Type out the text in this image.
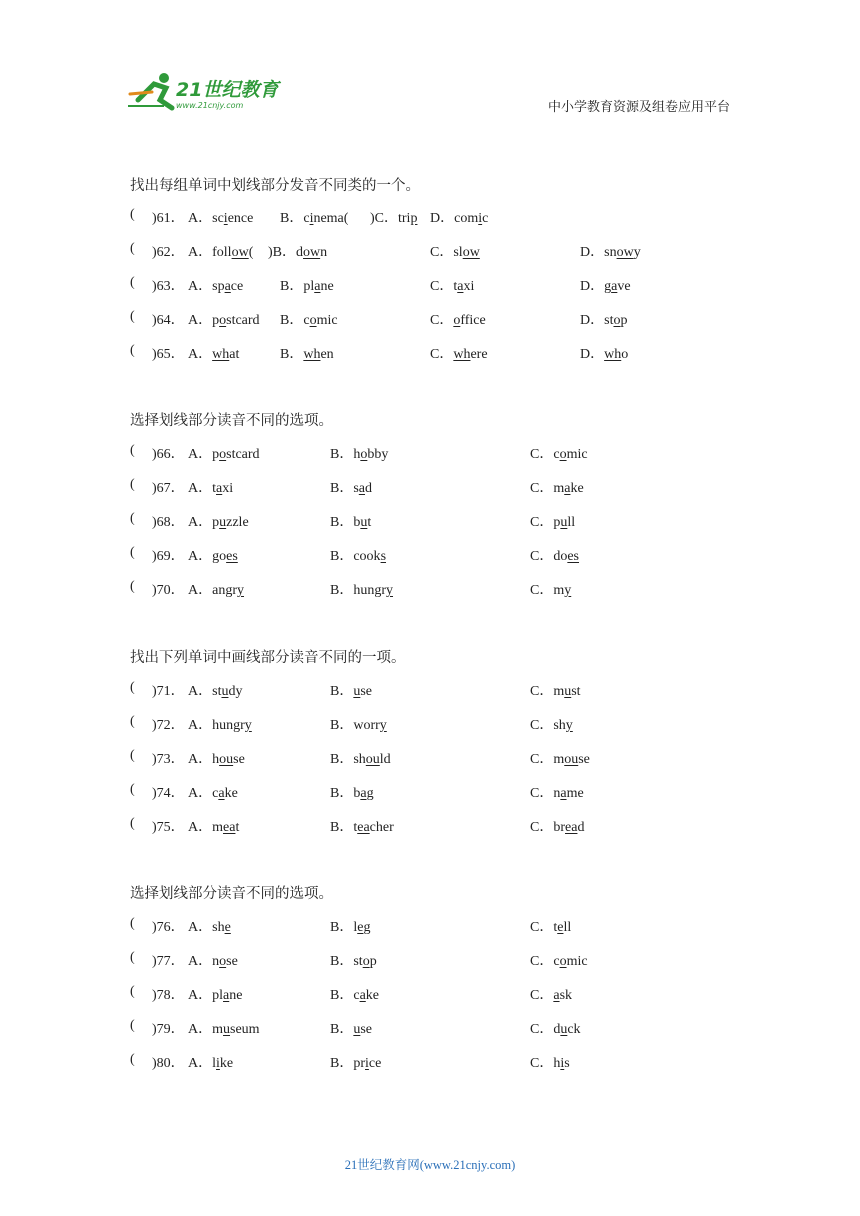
21世纪教育
www.21cnjy.com	中小学教育资源及组卷应用平台
找出每组单词中划线部分发音不同类的一个。
( )61． A．science B．cinema( )C．trip D．comic
( )62． A．follow( )B．down	C．slow	D．snowy
( )63． A．space	B．plane	C．taxi	D．gave
( )64． A．postcard B．comic	C．office	D．stop
( )65． A．what	B．when	C．where	D．who
选择划线部分读音不同的选项。
( )66． A．postcard	B．hobby	C．comic
( )67． A．taxi	B．sad	C．make
( )68． A．puzzle	B．but	C．pull
( )69． A．goes	B．cooks	C．does
( )70． A．angry	B．hungry	C．my
找出下列单词中画线部分读音不同的一项。
( )71． A．study	B．use	C．must
( )72． A．hungry	B．worry	C．shy
( )73． A．house	B．should	C．mouse
( )74． A．cake	B．bag	C．name
( )75． A．meat	B．teacher	C．bread
选择划线部分读音不同的选项。
( )76． A．she	B．leg	C．tell
( )77． A．nose	B．stop	C．comic
( )78． A．plane	B．cake	C．ask
( )79． A．museum	B．use	C．duck
( )80． A．like	B．price	C．his
21世纪教育网(www.21cnjy.com)
